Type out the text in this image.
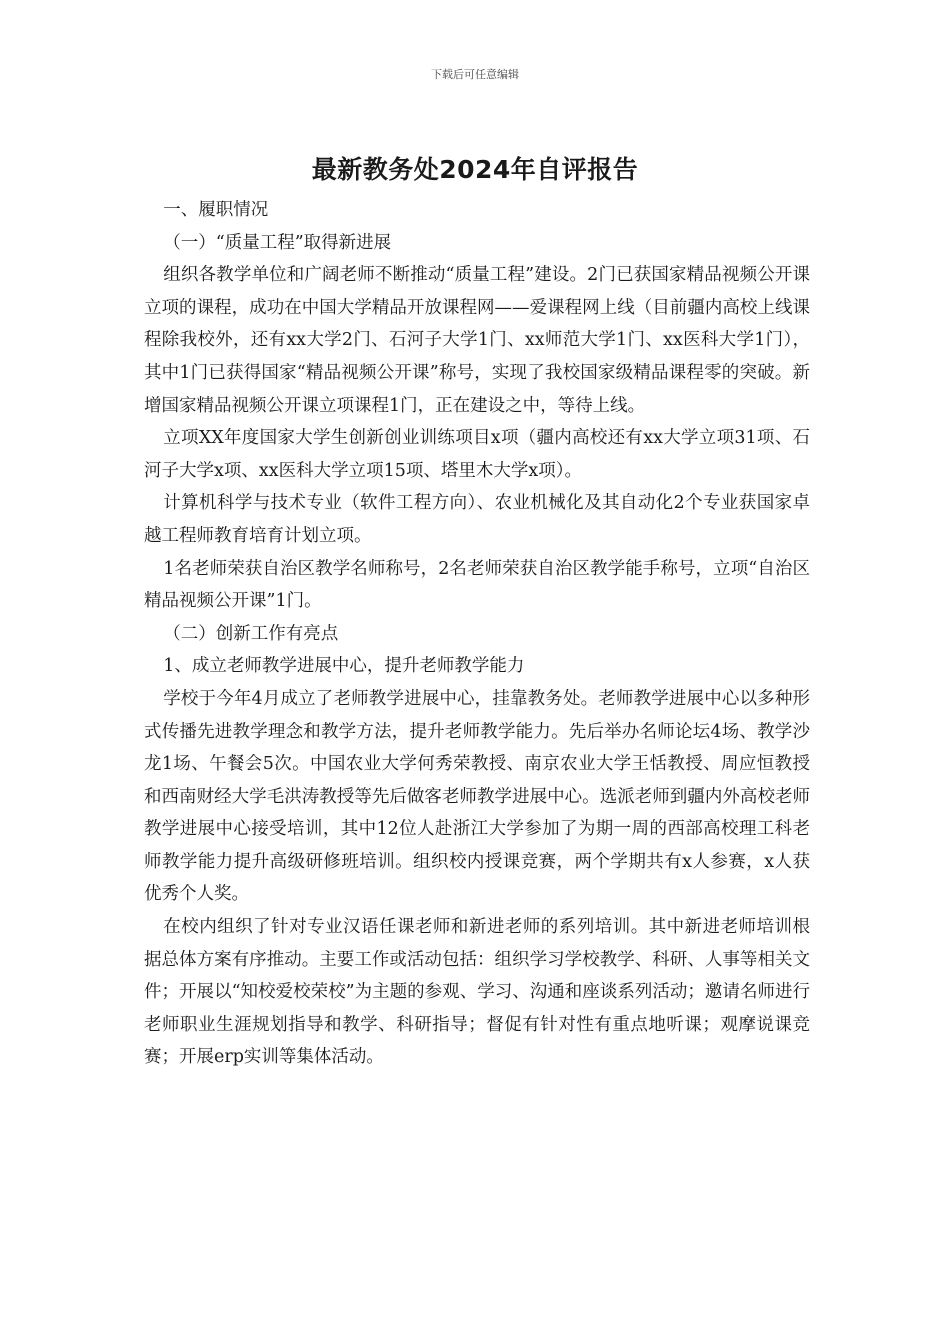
下载后可任意编辑
最新教务处2024年自评报告

一、履职情况

（一）“质量工程”取得新进展

组织各教学单位和广阔老师不断推动“质量工程”建设。2门已获国家精品视频公开课立项的课程，成功在中国大学精品开放课程网——爱课程网上线（目前疆内高校上线课程除我校外，还有xx大学2门、石河子大学1门、xx师范大学1门、xx医科大学1门），其中1门已获得国家“精品视频公开课”称号，实现了我校国家级精品课程零的突破。新增国家精品视频公开课立项课程1门，正在建设之中，等待上线。

立项XX年度国家大学生创新创业训练项目x项（疆内高校还有xx大学立项31项、石河子大学x项、xx医科大学立项15项、塔里木大学x项）。

计算机科学与技术专业（软件工程方向）、农业机械化及其自动化2个专业获国家卓越工程师教育培育计划立项。

1名老师荣获自治区教学名师称号，2名老师荣获自治区教学能手称号，立项“自治区精品视频公开课”1门。

（二）创新工作有亮点

1、成立老师教学进展中心，提升老师教学能力

学校于今年4月成立了老师教学进展中心，挂靠教务处。老师教学进展中心以多种形式传播先进教学理念和教学方法，提升老师教学能力。先后举办名师论坛4场、教学沙龙1场、午餐会5次。中国农业大学何秀荣教授、南京农业大学王恬教授、周应恒教授和西南财经大学毛洪涛教授等先后做客老师教学进展中心。选派老师到疆内外高校老师教学进展中心接受培训，其中12位人赴浙江大学参加了为期一周的西部高校理工科老师教学能力提升高级研修班培训。组织校内授课竞赛，两个学期共有x人参赛，x人获优秀个人奖。

在校内组织了针对专业汉语任课老师和新进老师的系列培训。其中新进老师培训根据总体方案有序推动。主要工作或活动包括：组织学习学校教学、科研、人事等相关文件；开展以“知校爱校荣校”为主题的参观、学习、沟通和座谈系列活动；邀请名师进行老师职业生涯规划指导和教学、科研指导；督促有针对性有重点地听课；观摩说课竞赛；开展erp实训等集体活动。
